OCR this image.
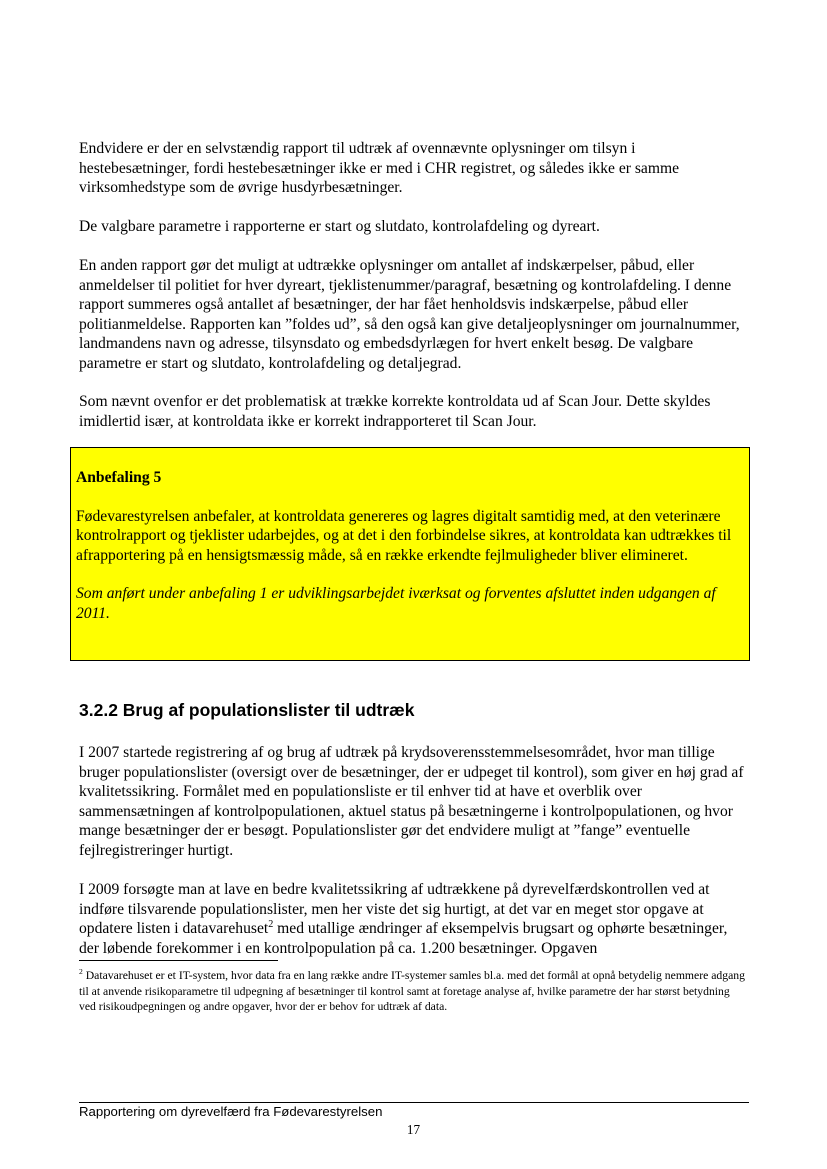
Endvidere er der en selvstændig rapport til udtræk af ovennævnte oplysninger om tilsyn i hestebesætninger, fordi hestebesætninger ikke er med i CHR registret, og således ikke er samme virksomhedstype som de øvrige husdyrbesætninger.

De valgbare parametre i rapporterne er start og slutdato, kontrolafdeling og dyreart.

En anden rapport gør det muligt at udtrække oplysninger om antallet af indskærpelser, påbud, eller anmeldelser til politiet for hver dyreart, tjeklistenummer/paragraf, besætning og kontrolafdeling. I denne rapport summeres også antallet af besætninger, der har fået henholdsvis indskærpelse, påbud eller politianmeldelse. Rapporten kan ”foldes ud”, så den også kan give detaljeoplysninger om journalnummer, landmandens navn og adresse, tilsynsdato og embedsdyrlægen for hvert enkelt besøg. De valgbare parametre er start og slutdato, kontrolafdeling og detaljegrad.

Som nævnt ovenfor er det problematisk at trække korrekte kontroldata ud af Scan Jour. Dette skyldes imidlertid især, at kontroldata ikke er korrekt indrapporteret til Scan Jour.

Anbefaling 5

Fødevarestyrelsen anbefaler, at kontroldata genereres og lagres digitalt samtidig med, at den veterinære kontrolrapport og tjeklister udarbejdes, og at det i den forbindelse sikres, at kontroldata kan udtrækkes til afrapportering på en hensigtsmæssig måde, så en række erkendte fejlmuligheder bliver elimineret.

Som anført under anbefaling 1 er udviklingsarbejdet iværksat og forventes afsluttet inden udgangen af 2011.

3.2.2 Brug af populationslister til udtræk

I 2007 startede registrering af og brug af udtræk på krydsoverensstemmelsesområdet, hvor man tillige bruger populationslister (oversigt over de besætninger, der er udpeget til kontrol), som giver en høj grad af kvalitetssikring. Formålet med en populationsliste er til enhver tid at have et overblik over sammensætningen af kontrolpopulationen, aktuel status på besætningerne i kontrolpopulationen, og hvor mange besætninger der er besøgt. Populationslister gør det endvidere muligt at ”fange” eventuelle fejlregistreringer hurtigt.

I 2009 forsøgte man at lave en bedre kvalitetssikring af udtrækkene på dyrevelfærdskontrollen ved at indføre tilsvarende populationslister, men her viste det sig hurtigt, at det var en meget stor opgave at opdatere listen i datavarehuset$^2$ med utallige ændringer af eksempelvis brugsart og ophørte besætninger, der løbende forekommer i en kontrolpopulation på ca. 1.200 besætninger. Opgaven

$^2$ Datavarehuset er et IT-system, hvor data fra en lang række andre IT-systemer samles bl.a. med det formål at opnå betydelig nemmere adgang til at anvende risikoparametre til udpegning af besætninger til kontrol samt at foretage analyse af, hvilke parametre der har størst betydning ved risikoudpegningen og andre opgaver, hvor der er behov for udtræk af data.

Rapportering om dyrevelfærd fra Fødevarestyrelsen

17
